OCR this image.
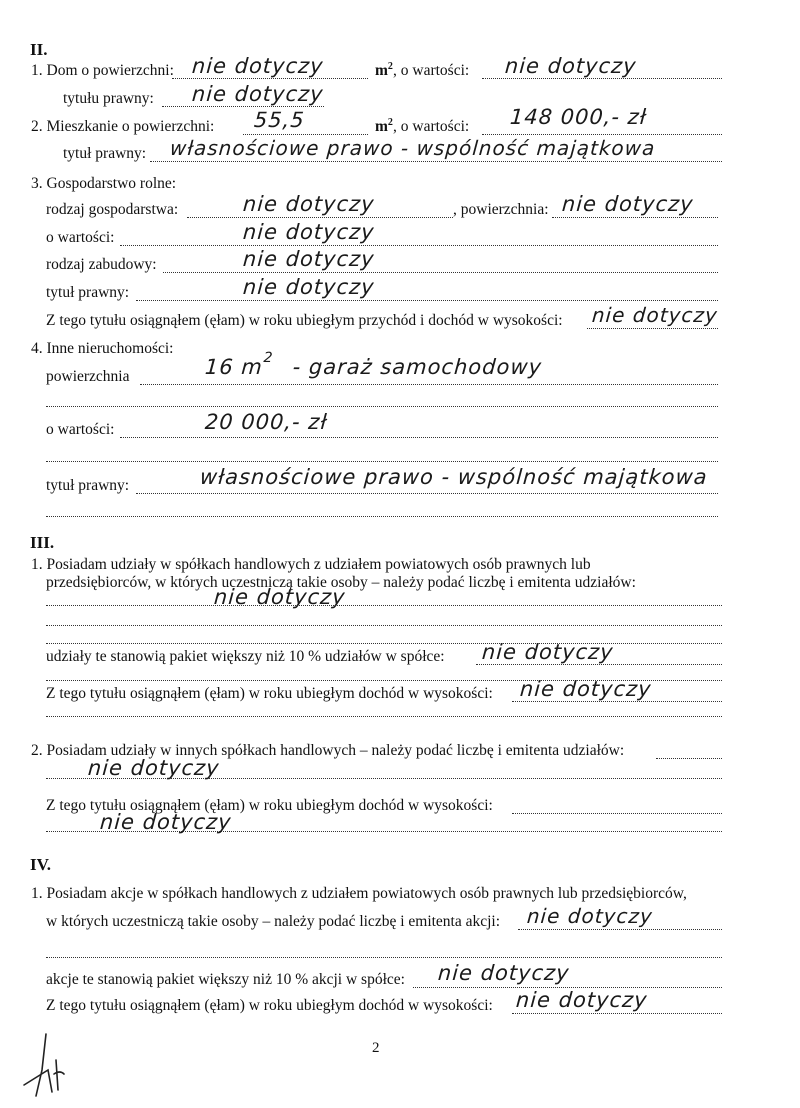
II.
1. Dom o powierzchni: nie dotyczy	$m^2$ , o wartości: nie dotyczy
tytułu prawny: nie dotyczy
2. Mieszkanie o powierzchni: 55,5	$m^2$ , o wartości: 148 000,- zł
tytuł prawny: własnościowe prawo - wspólność majątkowa
3. Gospodarstwo rolne:
rodzaj gospodarstwa:	nie dotyczy	, powierzchnia: nie dotyczy
o wartości:	nie dotyczy
rodzaj zabudowy:	nie dotyczy
tytuł prawny:	nie dotyczy
Z tego tytułu osiągnąłem (ęłam) w roku ubiegłym przychód i dochód w wysokości: nie dotyczy
4. Inne nieruchomości:
powierzchnia	16 $m^2$ - garaż samochodowy
o wartości:	20 000,- zł
tytuł prawny:	własnościowe prawo - wspólność majątkowa
III.
1. Posiadam udziały w spółkach handlowych z udziałem powiatowych osób prawnych lub
przedsiębiorców, w których uczestniczą takie osoby – należy podać liczbę i emitenta udziałów:
nie dotyczy
udziały te stanowią pakiet większy niż 10 % udziałów w spółce: nie dotyczy
Z tego tytułu osiągnąłem (ęłam) w roku ubiegłym dochód w wysokości: nie dotyczy
2. Posiadam udziały w innych spółkach handlowych – należy podać liczbę i emitenta udziałów:
nie dotyczy
Z tego tytułu osiągnąłem (ęłam) w roku ubiegłym dochód w wysokości:
nie dotyczy
IV.
1. Posiadam akcje w spółkach handlowych z udziałem powiatowych osób prawnych lub przedsiębiorców,
w których uczestniczą takie osoby – należy podać liczbę i emitenta akcji: nie dotyczy
akcje te stanowią pakiet większy niż 10 % akcji w spółce: nie dotyczy
Z tego tytułu osiągnąłem (ęłam) w roku ubiegłym dochód w wysokości: nie dotyczy
2
